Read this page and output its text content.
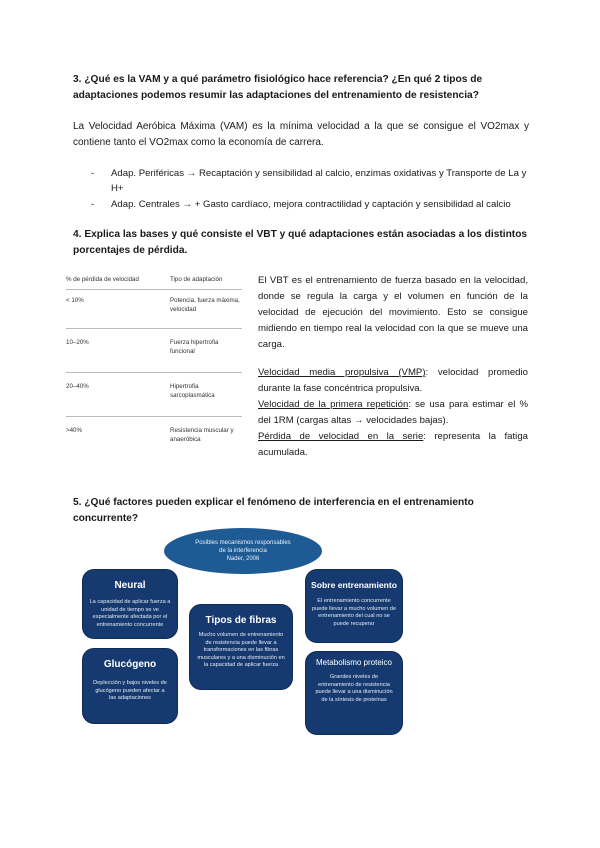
3. ¿Qué es la VAM y a qué parámetro fisiológico hace referencia? ¿En qué 2 tipos de adaptaciones podemos resumir las adaptaciones del entrenamiento de resistencia?
La Velocidad Aeróbica Máxima (VAM) es la mínima velocidad a la que se consigue el VO2max y contiene tanto el VO2max como la economía de carrera.
- Adap. Periféricas → Recaptación y sensibilidad al calcio, enzimas oxidativas y Transporte de La y H+
- Adap. Centrales → + Gasto cardíaco, mejora contractilidad y captación y sensibilidad al calcio
4. Explica las bases y qué consiste el VBT y qué adaptaciones están asociadas a los distintos porcentajes de pérdida.
% de pérdida de velocidad	Tipo de adaptación
< 10%	Potencia, fuerza máxima, velocidad
10–20%	Fuerza hipertrofia funcional
20–40%	Hipertrofia sarcoplasmática
>40%	Resistencia muscular y anaeróbica

El VBT es el entrenamiento de fuerza basado en la velocidad, donde se regula la carga y el volumen en función de la velocidad de ejecución del movimiento. Esto se consigue midiendo en tiempo real la velocidad con la que se mueve una carga.

Velocidad media propulsiva (VMP): velocidad promedio durante la fase concéntrica propulsiva.

Velocidad de la primera repetición: se usa para estimar el % del 1RM (cargas altas → velocidades bajas).

Pérdida de velocidad en la serie: representa la fatiga acumulada.

5. ¿Qué factores pueden explicar el fenómeno de interferencia en el entrenamiento concurrente?
Posibles mecanismos responsables
de la interferencia
Nader, 2006
Neural
La capacidad de aplicar fuerza a unidad de tiempo se ve especialmente afectada por el entrenamiento concurrente	Tipos de fibras
Mucho volumen de entrenamiento de resistencia puede llevar a transformaciones en las fibras musculares y a una disminución en la capacidad de aplicar fuerza
Sobre entrenamiento
El entrenamiento concurrente puede llevar a mucho volumen de entrenamiento del cual no se puede recuperar
Glucógeno
Deplección y bajos niveles de glucógeno pueden afectar a las adaptaciones
Metabolismo proteico
Grandes niveles de entrenamiento de resistencia puede llevar a una disminución de la síntesis de proteínas
